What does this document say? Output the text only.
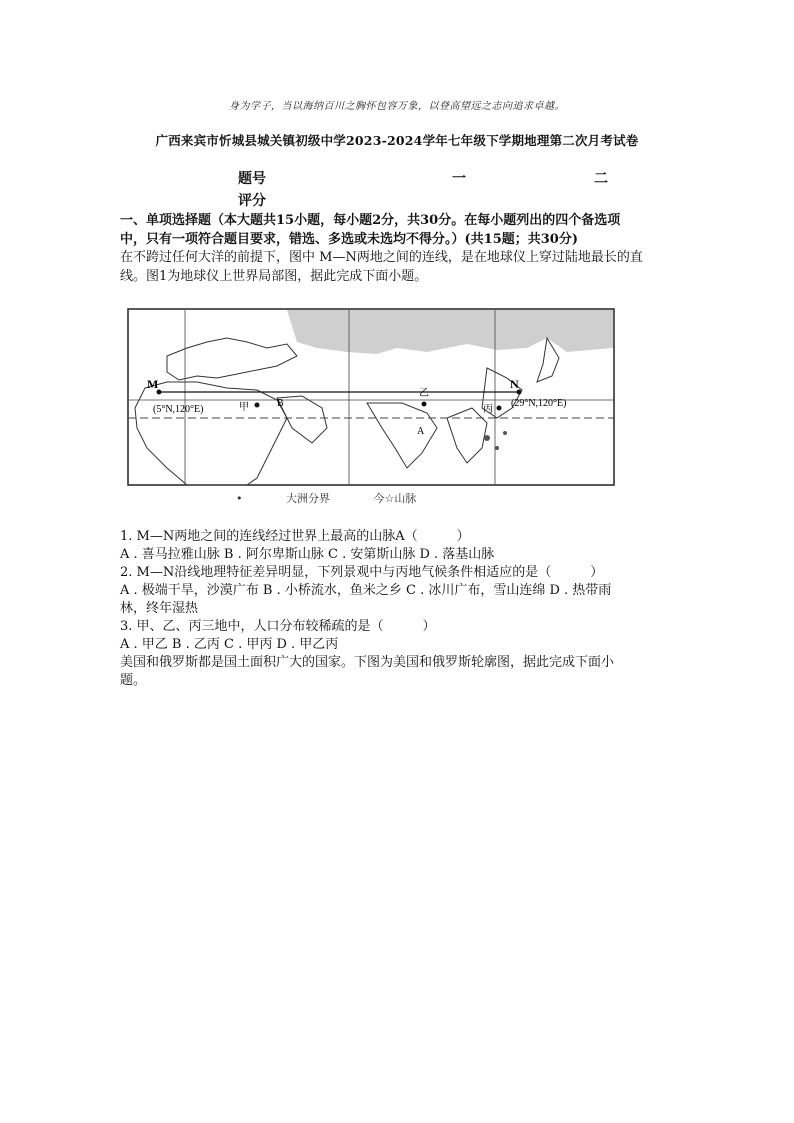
身为学子，当以海纳百川之胸怀包容万象，以登高望远之志向追求卓越。
广西来宾市忻城县城关镇初级中学2023-2024学年七年级下学期地理第二次月考试卷
题号	一	二
评分
一、单项选择题（本大题共15小题，每小题2分，共30分。在每小题列出的四个备选项
中，只有一项符合题目要求，错选、多选或未选均不得分。）(共15题；共30分)
在不跨过任何大洋的前提下，图中 M—N两地之间的连线，是在地球仪上穿过陆地最长的直
线。图1为地球仪上世界局部图，据此完成下面小题。
M	N
(5°N,120°E)
(29°N,120°E)
甲
乙
丙
A
B
•	大洲分界	今☆山脉
1. M—N两地之间的连线经过世界上最高的山脉A（　　　）
A . 喜马拉雅山脉 B . 阿尔卑斯山脉 C . 安第斯山脉 D . 落基山脉
2. M—N沿线地理特征差异明显，下列景观中与丙地气候条件相适应的是（　　　）
A . 极端干旱，沙漠广布 B . 小桥流水，鱼米之乡 C . 冰川广布，雪山连绵 D . 热带雨
林，终年湿热
3. 甲、乙、丙三地中，人口分布较稀疏的是（　　　）
A . 甲乙 B . 乙丙 C . 甲丙 D . 甲乙丙
美国和俄罗斯都是国土面积广大的国家。下图为美国和俄罗斯轮廓图，据此完成下面小
题。
